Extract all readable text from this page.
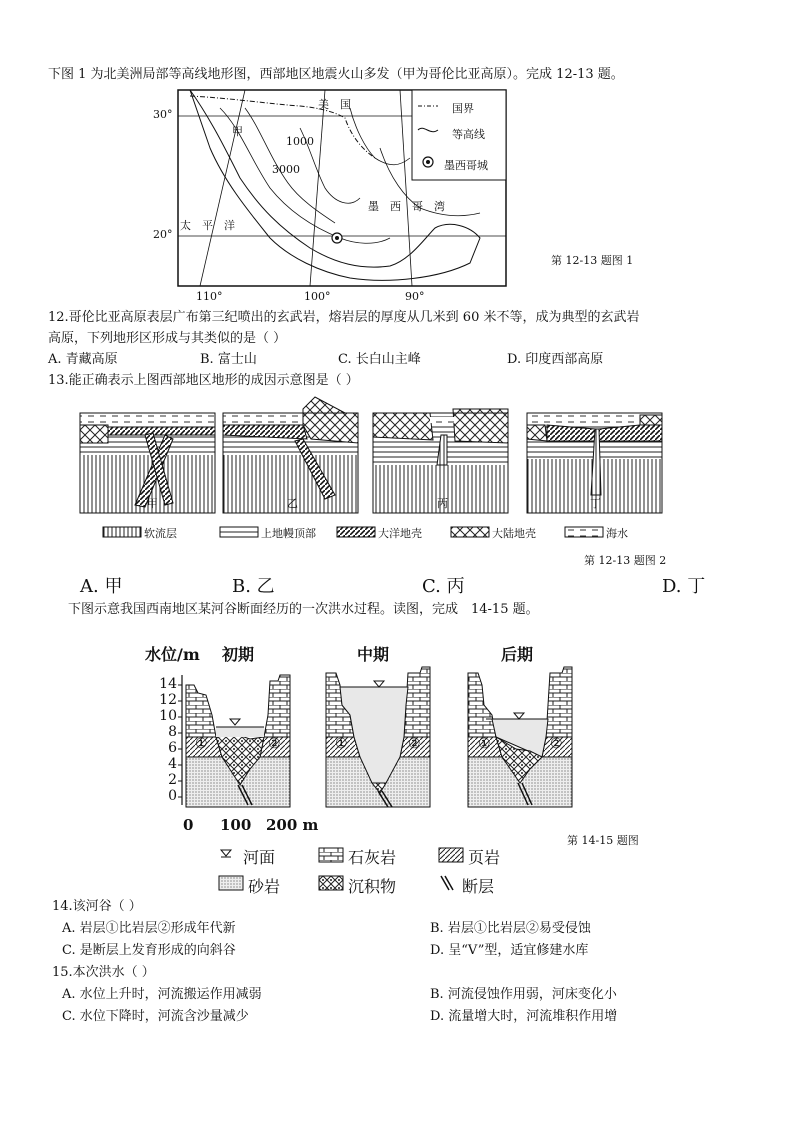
下图 1 为北美洲局部等高线地形图，西部地区地震火山多发（甲为哥伦比亚高原）。完成 12-13 题。
30°
20°
110°	100°	90°
美　国
甲
1000
3000
太　平　洋
墨　西　哥　湾
国界
等高线
墨西哥城
第 12-13 题图 1
12.哥伦比亚高原表层广布第三纪喷出的玄武岩，熔岩层的厚度从几米到 60 米不等，成为典型的玄武岩
高原，下列地形区形成与其类似的是（ ）
A. 青藏高原	B. 富士山	C. 长白山主峰	D. 印度西部高原
13.能正确表示上图西部地区地形的成因示意图是（ ）
甲	乙	丙	丁
软流层	上地幔顶部	大洋地壳	大陆地壳	海水
第 12-13 题图 2
A. 甲	B. 乙	C. 丙	D. 丁
下图示意我国西南地区某河谷断面经历的一次洪水过程。读图，完成　14-15 题。
水位/m 初期	中期	后期
14
12
10
8
6
4
2
0
0 100 200 m
①	②	①	②	①	②
第 14-15 题图
河面	石灰岩	页岩
砂岩	沉积物	断层
14.该河谷（ ）
A. 岩层①比岩层②形成年代新	B. 岩层①比岩层②易受侵蚀
C. 是断层上发育形成的向斜谷	D. 呈“V”型，适宜修建水库
15.本次洪水（ ）
A. 水位上升时，河流搬运作用减弱	B. 河流侵蚀作用弱，河床变化小
C. 水位下降时，河流含沙量减少	D. 流量增大时，河流堆积作用增
